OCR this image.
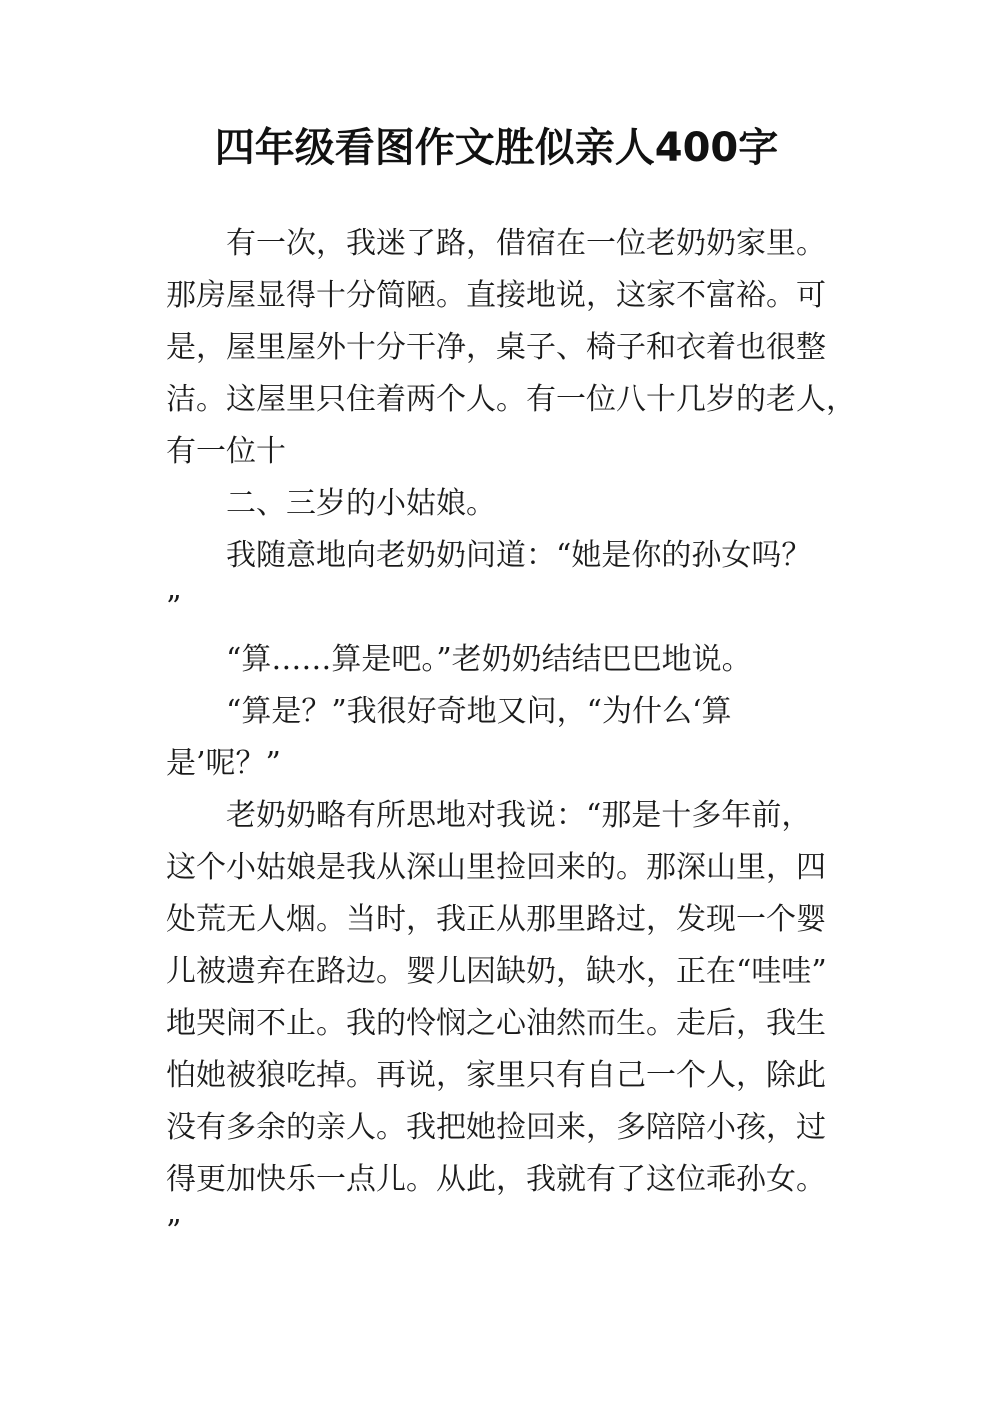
四年级看图作文胜似亲人400字
有一次，我迷了路，借宿在一位老奶奶家里。
那房屋显得十分简陋。直接地说，这家不富裕。可
是，屋里屋外十分干净，桌子、椅子和衣着也很整
洁。这屋里只住着两个人。有一位八十几岁的老人，
有一位十
二、三岁的小姑娘。
我随意地向老奶奶问道：“她是你的孙女吗？
”
“算……算是吧。”老奶奶结结巴巴地说。
“算是？”我很好奇地又问，“为什么‘算
是’呢？”
老奶奶略有所思地对我说：“那是十多年前，
这个小姑娘是我从深山里捡回来的。那深山里，四
处荒无人烟。当时，我正从那里路过，发现一个婴
儿被遗弃在路边。婴儿因缺奶，缺水，正在“哇哇”
地哭闹不止。我的怜悯之心油然而生。走后，我生
怕她被狼吃掉。再说，家里只有自己一个人，除此
没有多余的亲人。我把她捡回来，多陪陪小孩，过
得更加快乐一点儿。从此，我就有了这位乖孙女。
”
